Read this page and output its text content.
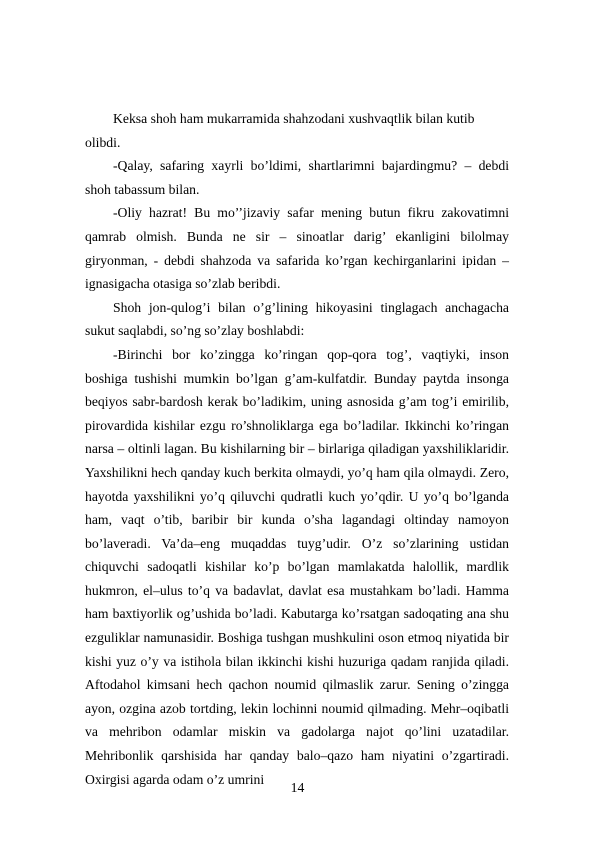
Keksa shoh ham mukarramida shahzodani xushvaqtlik bilan kutib olibdi.

-Qalay, safaring xayrli bo’ldimi, shartlarimni bajardingmu? – debdi shoh tabassum bilan.

-Oliy hazrat! Bu mo’’jizaviy safar mening butun fikru zakovatimni qamrab olmish. Bunda ne sir – sinoatlar darig’ ekanligini bilolmay giryonman, - debdi shahzoda va safarida ko’rgan kechirganlarini ipidan – ignasigacha otasiga so’zlab beribdi.

Shoh jon-qulog’i bilan o’g’lining hikoyasini tinglagach anchagacha sukut saqlabdi, so’ng so’zlay boshlabdi:

-Birinchi bor ko’zingga ko’ringan qop-qora tog’, vaqtiyki, inson boshiga tushishi mumkin bo’lgan g’am-kulfatdir. Bunday paytda insonga beqiyos sabr-bardosh kerak bo’ladikim, uning asnosida g’am tog’i emirilib, pirovardida kishilar ezgu ro’shnoliklarga ega bo’ladilar. Ikkinchi ko’ringan narsa – oltinli lagan. Bu kishilarning bir – birlariga qiladigan yaxshiliklaridir. Yaxshilikni hech qanday kuch berkita olmaydi, yo’q ham qila olmaydi. Zero, hayotda yaxshilikni yo’q qiluvchi qudratli kuch yo’qdir. U yo’q bo’lganda ham, vaqt o’tib, baribir bir kunda o’sha lagandagi oltinday namoyon bo’laveradi. Va’da–eng muqaddas tuyg’udir. O’z so’zlarining ustidan chiquvchi sadoqatli kishilar ko’p bo’lgan mamlakatda halollik, mardlik hukmron, el–ulus to’q va badavlat, davlat esa mustahkam bo’ladi. Hamma ham baxtiyorlik og’ushida bo’ladi. Kabutarga ko’rsatgan sadoqating ana shu ezguliklar namunasidir. Boshiga tushgan mushkulini oson etmoq niyatida bir kishi yuz o’y va istihola bilan ikkinchi kishi huzuriga qadam ranjida qiladi. Aftodahol kimsani hech qachon noumid qilmaslik zarur. Sening o’zingga ayon, ozgina azob tortding, lekin lochinni noumid qilmading. Mehr–oqibatli va mehribon odamlar miskin va gadolarga najot qo’lini uzatadilar. Mehribonlik qarshisida har qanday balo–qazo ham niyatini o’zgartiradi. Oxirgisi agarda odam o’z umrini

14
